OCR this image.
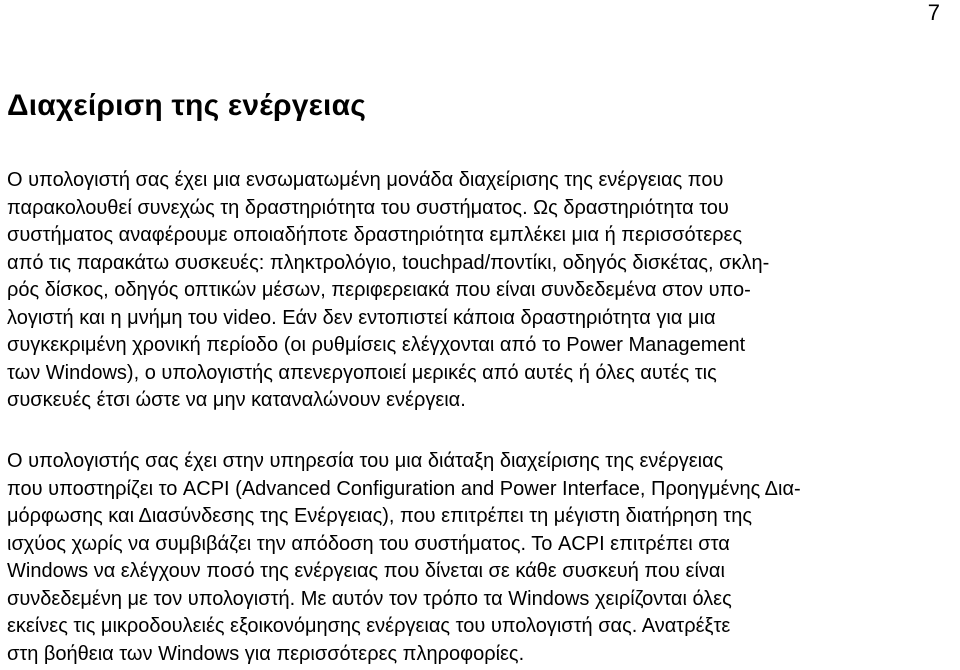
7
Διαχείριση της ενέργειας
Ο υπολογιστή σας έχει μια ενσωματωμένη μονάδα διαχείρισης της ενέργειας που
παρακολουθεί συνεχώς τη δραστηριότητα του συστήματος. Ως δραστηριότητα του
συστήματος αναφέρουμε οποιαδήποτε δραστηριότητα εμπλέκει μια ή περισσότερες
από τις παρακάτω συσκευές: πληκτρολόγιο, touchpad/ποντίκι, οδηγός δισκέτας, σκλη-
ρός δίσκος, οδηγός οπτικών μέσων, περιφερειακά που είναι συνδεδεμένα στον υπο-
λογιστή και η μνήμη του video. Εάν δεν εντοπιστεί κάποια δραστηριότητα για μια
συγκεκριμένη χρονική περίοδο (οι ρυθμίσεις ελέγχονται από το Power Management
των Windows), ο υπολογιστής απενεργοποιεί μερικές από αυτές ή όλες αυτές τις
συσκευές έτσι ώστε να μην καταναλώνουν ενέργεια.
Ο υπολογιστής σας έχει στην υπηρεσία του μια διάταξη διαχείρισης της ενέργειας
που υποστηρίζει το ACPI (Advanced Configuration and Power Interface, Προηγμένης Δια-
μόρφωσης και Διασύνδεσης της Ενέργειας), που επιτρέπει τη μέγιστη διατήρηση της
ισχύος χωρίς να συμβιβάζει την απόδοση του συστήματος. Το ACPI επιτρέπει στα
Windows να ελέγχουν πoσό της ενέργειας που δίνεται σε κάθε συσκευή που είναι
συνδεδεμένη με τον υπολογιστή. Με αυτόν τον τρόπο τα Windows χειρίζονται όλες
εκείνες τις μικροδουλειές εξοικονόμησης ενέργειας του υπολογιστή σας. Ανατρέξτε
στη βοήθεια των Windows για περισσότερες πληροφορίες.
